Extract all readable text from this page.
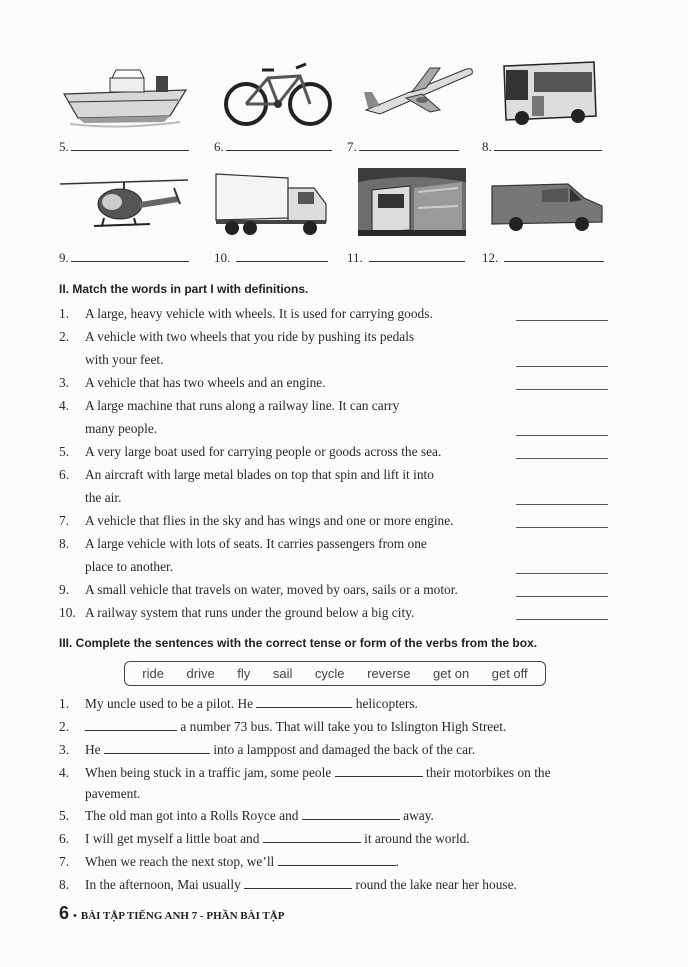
5.	6.	7.	8.
9.	10.	11.	12.
II. Match the words in part I with definitions.
1. A large, heavy vehicle with wheels. It is used for carrying goods.
2. A vehicle with two wheels that you ride by pushing its pedals
with your feet.
3. A vehicle that has two wheels and an engine.
4. A large machine that runs along a railway line. It can carry
many people.
5. A very large boat used for carrying people or goods across the sea.
6. An aircraft with large metal blades on top that spin and lift it into
the air.
7. A vehicle that flies in the sky and has wings and one or more engine.
8. A large vehicle with lots of seats. It carries passengers from one
place to another.
9. A small vehicle that travels on water, moved by oars, sails or a motor.
10. A railway system that runs under the ground below a big city.
III. Complete the sentences with the correct tense or form of the verbs from the box.
ride drive fly sail cycle reverse get on get off
1. My uncle used to be a pilot. He	helicopters.
2.	a number 73 bus. That will take you to Islington High Street.
3. He	into a lamppost and damaged the back of the car.
4. When being stuck in a traffic jam, some peole	their motorbikes on the
pavement.
5. The old man got into a Rolls Royce and	away.
6. I will get myself a little boat and	it around the world.
7. When we reach the next stop, we’ll	.
8. In the afternoon, Mai usually	round the lake near her house.
6 • BÀI TẬP TIẾNG ANH 7 - PHẦN BÀI TẬP
